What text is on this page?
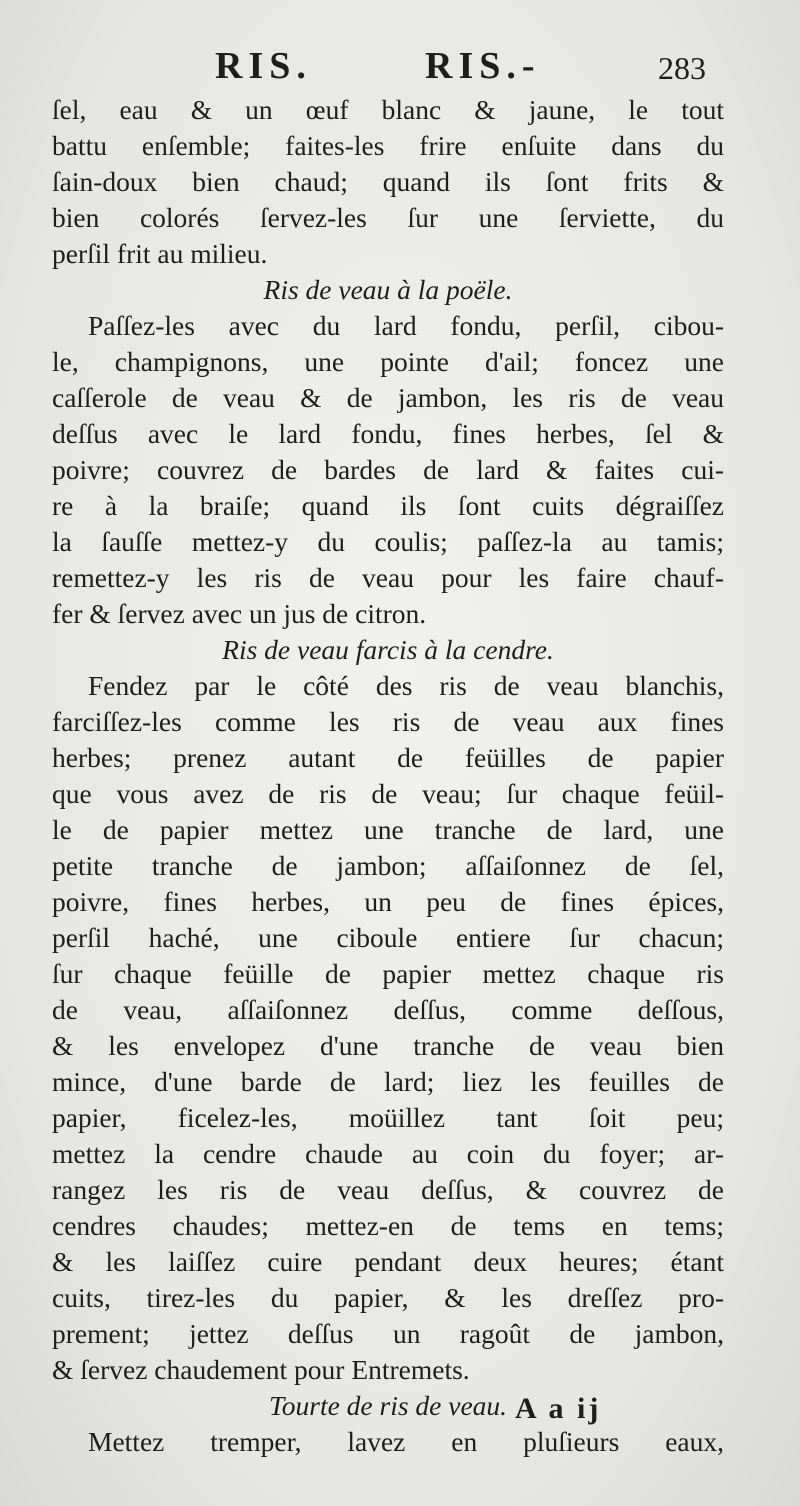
RIS.	RIS.-	283
ſel, eau & un œuf blanc & jaune, le tout
battu enſemble; faites-les frire enſuite dans du
ſain-doux bien chaud; quand ils ſont frits &
bien colorés ſervez-les ſur une ſerviette, du
perſil frit au milieu.
Ris de veau à la poële.
Paſſez-les avec du lard fondu, perſil, cibou-
le, champignons, une pointe d'ail; foncez une
caſſerole de veau & de jambon, les ris de veau
deſſus avec le lard fondu, fines herbes, ſel &
poivre; couvrez de bardes de lard & faites cui-
re à la braiſe; quand ils ſont cuits dégraiſſez
la ſauſſe mettez-y du coulis; paſſez-la au tamis;
remettez-y les ris de veau pour les faire chauf-
fer & ſervez avec un jus de citron.
Ris de veau farcis à la cendre.
Fendez par le côté des ris de veau blanchis,
farciſſez-les comme les ris de veau aux fines
herbes; prenez autant de feüilles de papier
que vous avez de ris de veau; ſur chaque feüil-
le de papier mettez une tranche de lard, une
petite tranche de jambon; aſſaiſonnez de ſel,
poivre, fines herbes, un peu de fines épices,
perſil haché, une ciboule entiere ſur chacun;
ſur chaque feüille de papier mettez chaque ris
de veau, aſſaiſonnez deſſus, comme deſſous,
& les envelopez d'une tranche de veau bien
mince, d'une barde de lard; liez les feuilles de
papier, ficelez-les, moüillez tant ſoit peu;
mettez la cendre chaude au coin du foyer; ar-
rangez les ris de veau deſſus, & couvrez de
cendres chaudes; mettez-en de tems en tems;
& les laiſſez cuire pendant deux heures; étant
cuits, tirez-les du papier, & les dreſſez pro-
prement; jettez deſſus un ragoût de jambon,
& ſervez chaudement pour Entremets.
Tourte de ris de veau.
Mettez tremper, lavez en pluſieurs eaux,
A a ij
